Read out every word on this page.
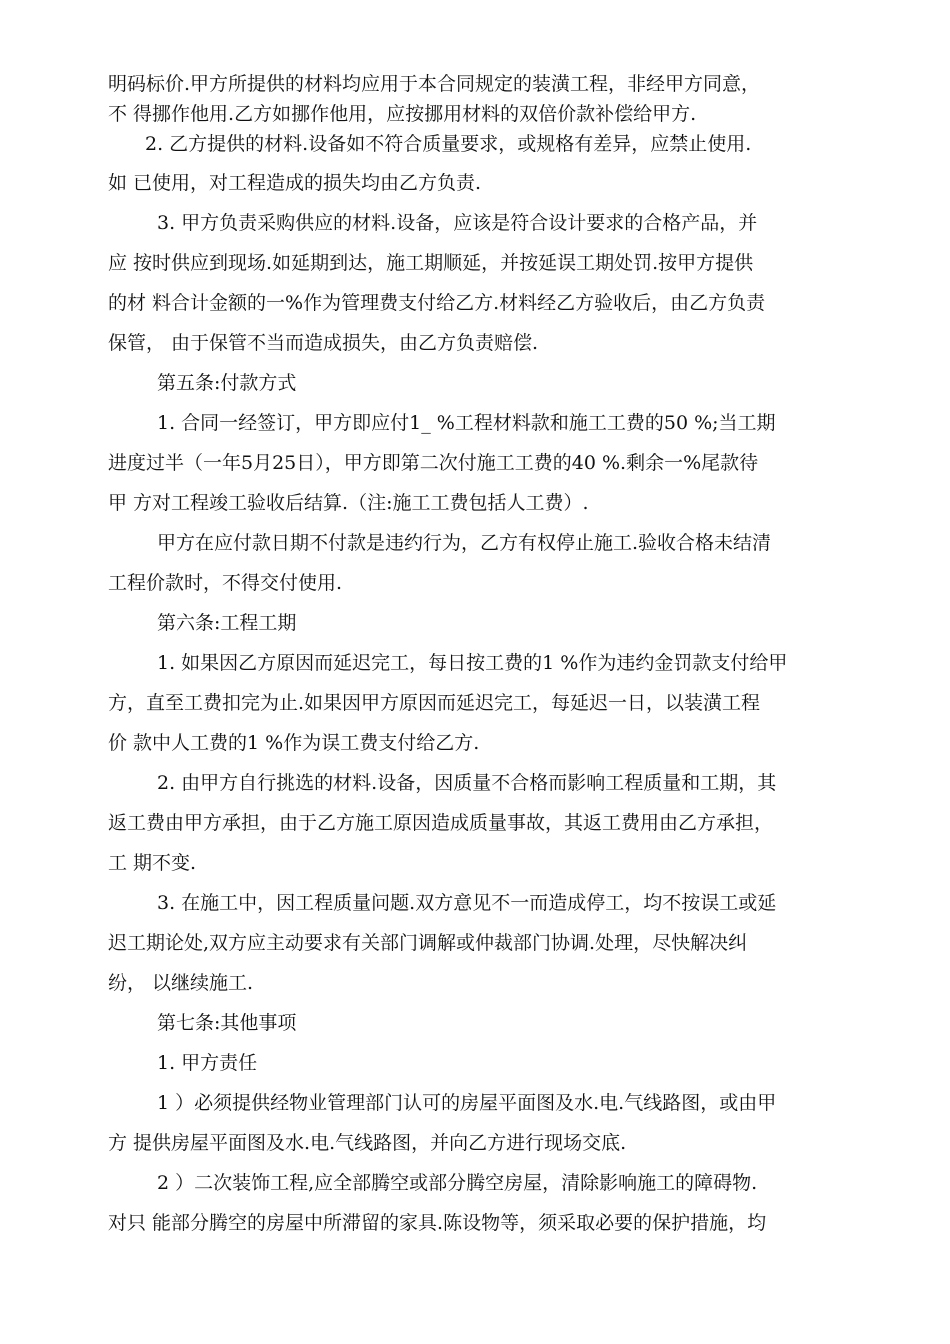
明码标价.甲方所提供的材料均应用于本合同规定的装潢工程，非经甲方同意，
不 得挪作他用.乙方如挪作他用，应按挪用材料的双倍价款补偿给甲方.
2. 乙方提供的材料.设备如不符合质量要求，或规格有差异，应禁止使用.
如 已使用，对工程造成的损失均由乙方负责.
3. 甲方负责采购供应的材料.设备，应该是符合设计要求的合格产品，并
应 按时供应到现场.如延期到达，施工期顺延，并按延误工期处罚.按甲方提供
的材 料合计金额的一%作为管理费支付给乙方.材料经乙方验收后，由乙方负责
保管， 由于保管不当而造成损失，由乙方负责赔偿.
第五条:付款方式
1. 合同一经签订，甲方即应付1_ %工程材料款和施工工费的50 %;当工期
进度过半（一年5月25日），甲方即第二次付施工工费的40 %.剩余一%尾款待
甲 方对工程竣工验收后结算.（注:施工工费包括人工费）.
甲方在应付款日期不付款是违约行为，乙方有权停止施工.验收合格未结清
工程价款时，不得交付使用.
第六条:工程工期
1. 如果因乙方原因而延迟完工，每日按工费的1 %作为违约金罚款支付给甲
方，直至工费扣完为止.如果因甲方原因而延迟完工，每延迟一日，以装潢工程
价 款中人工费的1 %作为误工费支付给乙方.
2. 由甲方自行挑选的材料.设备，因质量不合格而影响工程质量和工期，其
返工费由甲方承担，由于乙方施工原因造成质量事故，其返工费用由乙方承担，
工 期不变.
3. 在施工中，因工程质量问题.双方意见不一而造成停工，均不按误工或延
迟工期论处,双方应主动要求有关部门调解或仲裁部门协调.处理，尽快解决纠
纷， 以继续施工.
第七条:其他事项
1. 甲方责任
1 ）必须提供经物业管理部门认可的房屋平面图及水.电.气线路图，或由甲
方 提供房屋平面图及水.电.气线路图，并向乙方进行现场交底.
2 ）二次装饰工程,应全部腾空或部分腾空房屋，清除影响施工的障碍物.
对只 能部分腾空的房屋中所滞留的家具.陈设物等，须采取必要的保护措施，均
